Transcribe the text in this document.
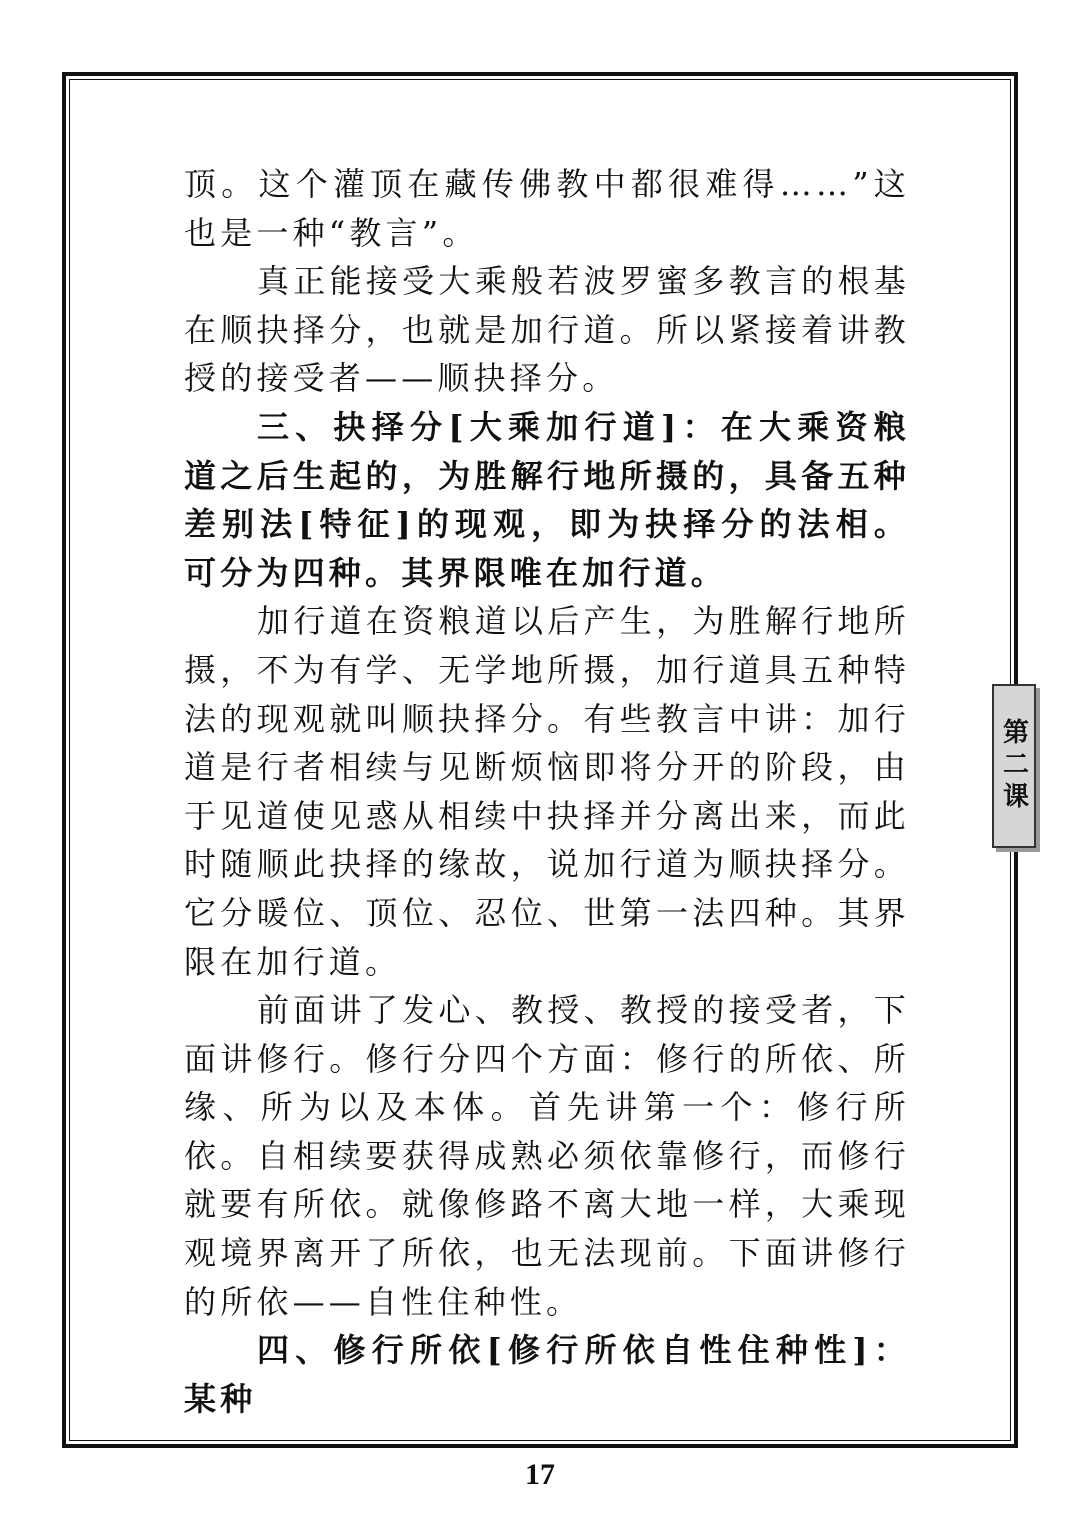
顶。这个灌顶在藏传佛教中都很难得……”这也是一种“教言”。

真正能接受大乘般若波罗蜜多教言的根基在顺抉择分，也就是加行道。所以紧接着讲教授的接受者——顺抉择分。

三、抉择分[大乘加行道]：在大乘资粮道之后生起的，为胜解行地所摄的，具备五种差别法[特征]的现观，即为抉择分的法相。可分为四种。其界限唯在加行道。

加行道在资粮道以后产生，为胜解行地所摄，不为有学、无学地所摄，加行道具五种特法的现观就叫顺抉择分。有些教言中讲：加行道是行者相续与见断烦恼即将分开的阶段，由于见道使见惑从相续中抉择并分离出来，而此时随顺此抉择的缘故，说加行道为顺抉择分。它分暖位、顶位、忍位、世第一法四种。其界限在加行道。

前面讲了发心、教授、教授的接受者，下面讲修行。修行分四个方面：修行的所依、所缘、所为以及本体。首先讲第一个：修行所依。自相续要获得成熟必须依靠修行，而修行就要有所依。就像修路不离大地一样，大乘现观境界离开了所依，也无法现前。下面讲修行的所依——自性住种性。

四、修行所依[修行所依自性住种性]：某种

第二课
17
